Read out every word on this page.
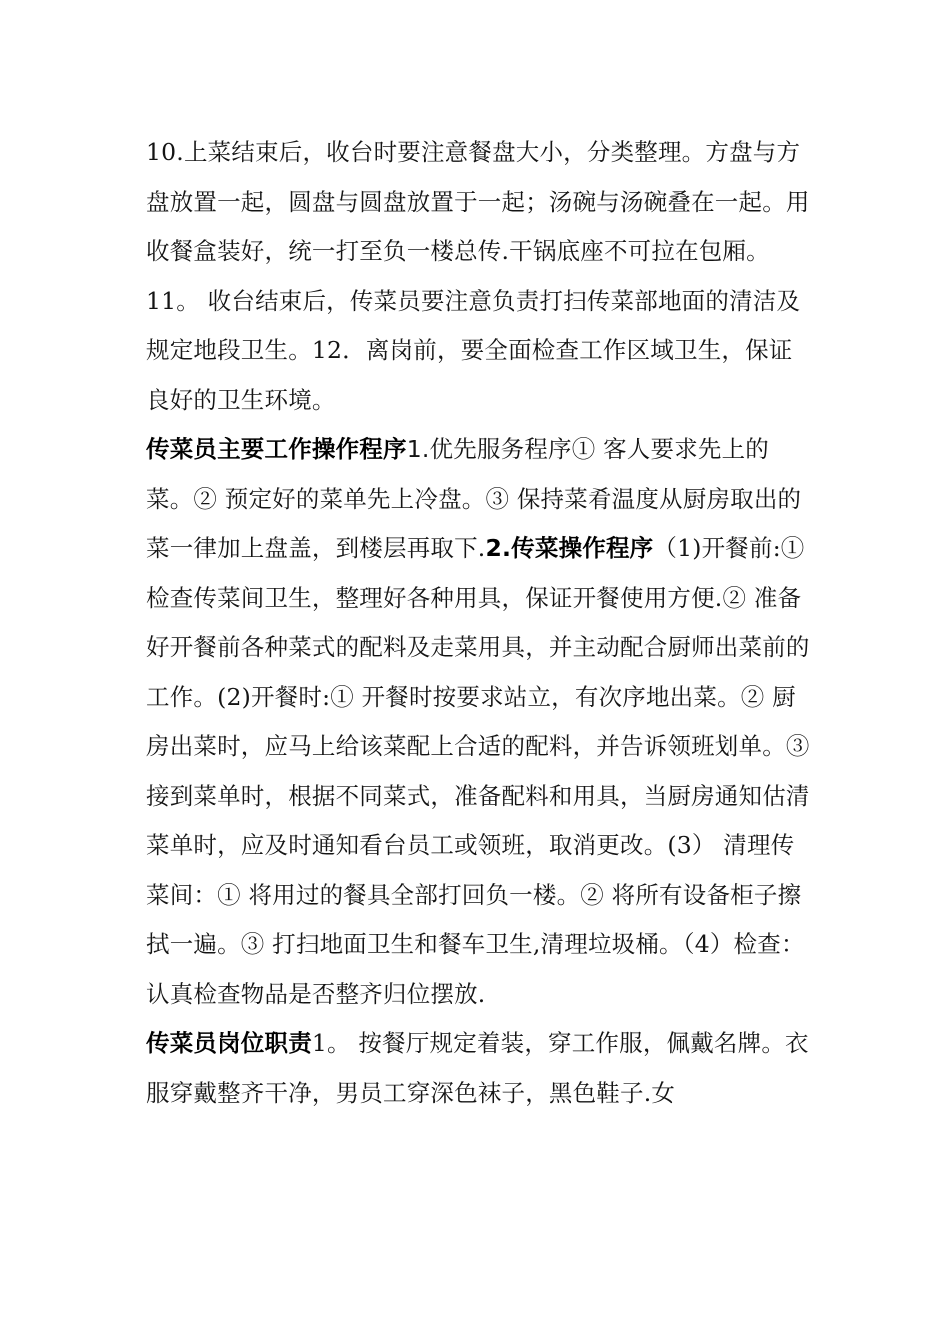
10.上菜结束后，收台时要注意餐盘大小，分类整理。方盘与方盘放置一起，圆盘与圆盘放置于一起；汤碗与汤碗叠在一起。用收餐盒装好，统一打至负一楼总传.干锅底座不可拉在包厢。

11。 收台结束后，传菜员要注意负责打扫传菜部地面的清洁及规定地段卫生。12．离岗前，要全面检查工作区域卫生，保证良好的卫生环境。

传菜员主要工作操作程序1.优先服务程序① 客人要求先上的菜。② 预定好的菜单先上冷盘。③ 保持菜肴温度从厨房取出的菜一律加上盘盖，到楼层再取下.2.传菜操作程序（1)开餐前:① 检查传菜间卫生，整理好各种用具，保证开餐使用方便.② 准备好开餐前各种菜式的配料及走菜用具，并主动配合厨师出菜前的工作。(2)开餐时:① 开餐时按要求站立，有次序地出菜。② 厨房出菜时，应马上给该菜配上合适的配料，并告诉领班划单。③接到菜单时，根据不同菜式，准备配料和用具，当厨房通知估清菜单时，应及时通知看台员工或领班，取消更改。(3） 清理传菜间：① 将用过的餐具全部打回负一楼。② 将所有设备柜子擦拭一遍。③ 打扫地面卫生和餐车卫生,清理垃圾桶。（4）检查：认真检查物品是否整齐归位摆放.

传菜员岗位职责1。 按餐厅规定着装，穿工作服，佩戴名牌。衣服穿戴整齐干净，男员工穿深色袜子，黑色鞋子.女
